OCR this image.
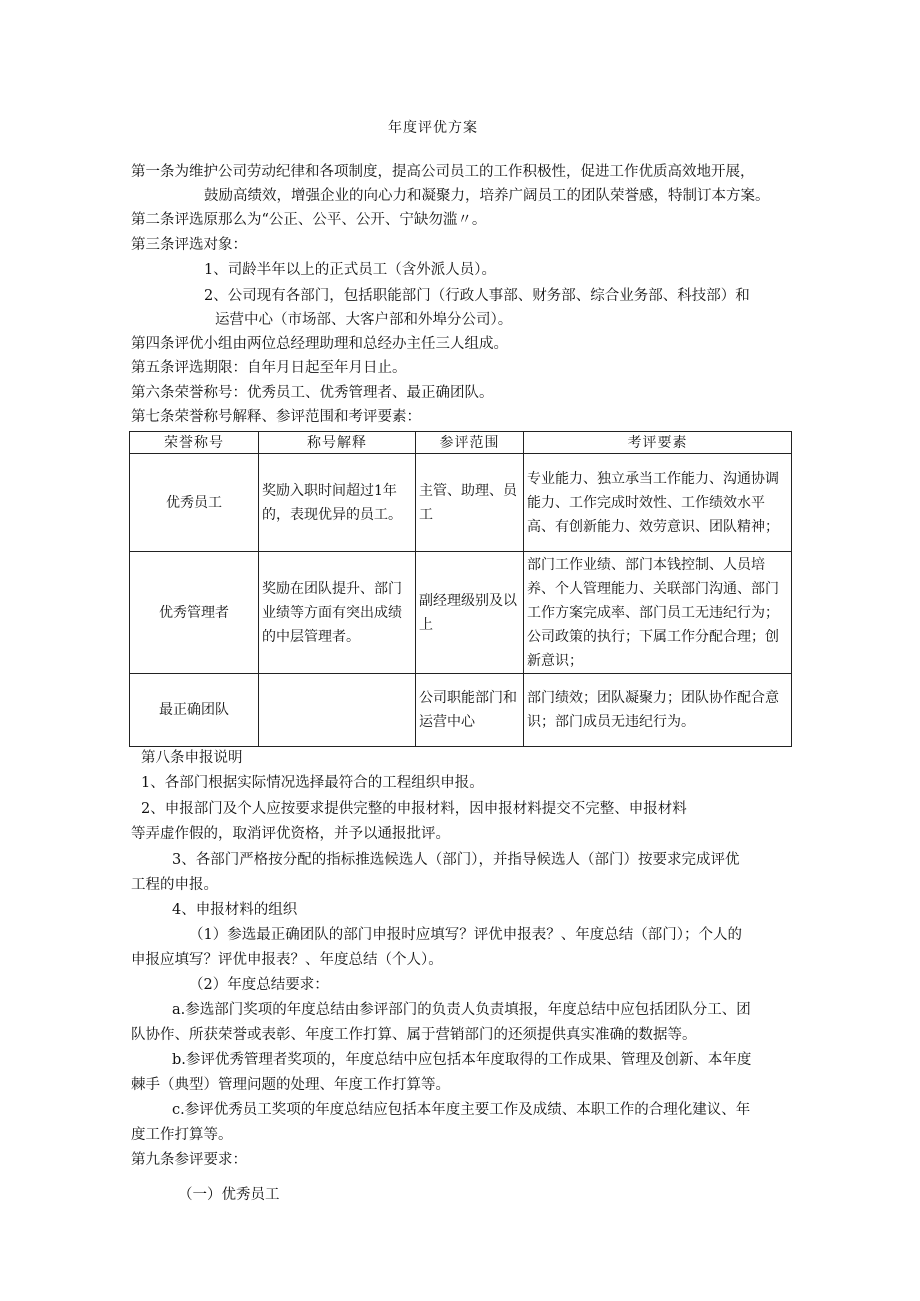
年度评优方案
第一条为维护公司劳动纪律和各项制度，提高公司员工的工作积极性，促进工作优质高效地开展，
鼓励高绩效，增强企业的向心力和凝聚力，培养广阔员工的团队荣誉感，特制订本方案。
第二条评选原那么为“公正、公平、公开、宁缺勿滥〃。
第三条评选对象：
1、司龄半年以上的正式员工（含外派人员）。
2、公司现有各部门，包括职能部门（行政人事部、财务部、综合业务部、科技部）和
运营中心（市场部、大客户部和外埠分公司）。
第四条评优小组由两位总经理助理和总经办主任三人组成。
第五条评选期限：自年月日起至年月日止。
第六条荣誉称号：优秀员工、优秀管理者、最正确团队。
第七条荣誉称号解释、参评范围和考评要素：
荣誉称号	称号解释	参评范围	考评要素
优秀员工	奖励入职时间超过1年的，表现优异的员工。	主管、助理、员工	专业能力、独立承当工作能力、沟通协调能力、工作完成时效性、工作绩效水平高、有创新能力、效劳意识、团队精神；
优秀管理者	奖励在团队提升、部门业绩等方面有突出成绩的中层管理者。	副经理级别及以上	部门工作业绩、部门本钱控制、人员培养、个人管理能力、关联部门沟通、部门工作方案完成率、部门员工无违纪行为；公司政策的执行；下属工作分配合理；创新意识；
最正确团队		公司职能部门和运营中心	部门绩效；团队凝聚力；团队协作配合意识；部门成员无违纪行为。
第八条申报说明
1、各部门根据实际情况选择最符合的工程组织申报。
2、申报部门及个人应按要求提供完整的申报材料，因申报材料提交不完整、申报材料
等弄虚作假的，取消评优资格，并予以通报批评。
3、各部门严格按分配的指标推选候选人（部门），并指导候选人（部门）按要求完成评优
工程的申报。
4、申报材料的组织
（1）参选最正确团队的部门申报时应填写？评优申报表？、年度总结（部门）；个人的
申报应填写？评优申报表？、年度总结（个人）。
（2）年度总结要求：
a.参选部门奖项的年度总结由参评部门的负责人负责填报，年度总结中应包括团队分工、团
队协作、所获荣誉或表彰、年度工作打算、属于营销部门的还须提供真实准确的数据等。
b.参评优秀管理者奖项的，年度总结中应包括本年度取得的工作成果、管理及创新、本年度
棘手（典型）管理问题的处理、年度工作打算等。
c.参评优秀员工奖项的年度总结应包括本年度主要工作及成绩、本职工作的合理化建议、年
度工作打算等。
第九条参评要求：
（一）优秀员工
